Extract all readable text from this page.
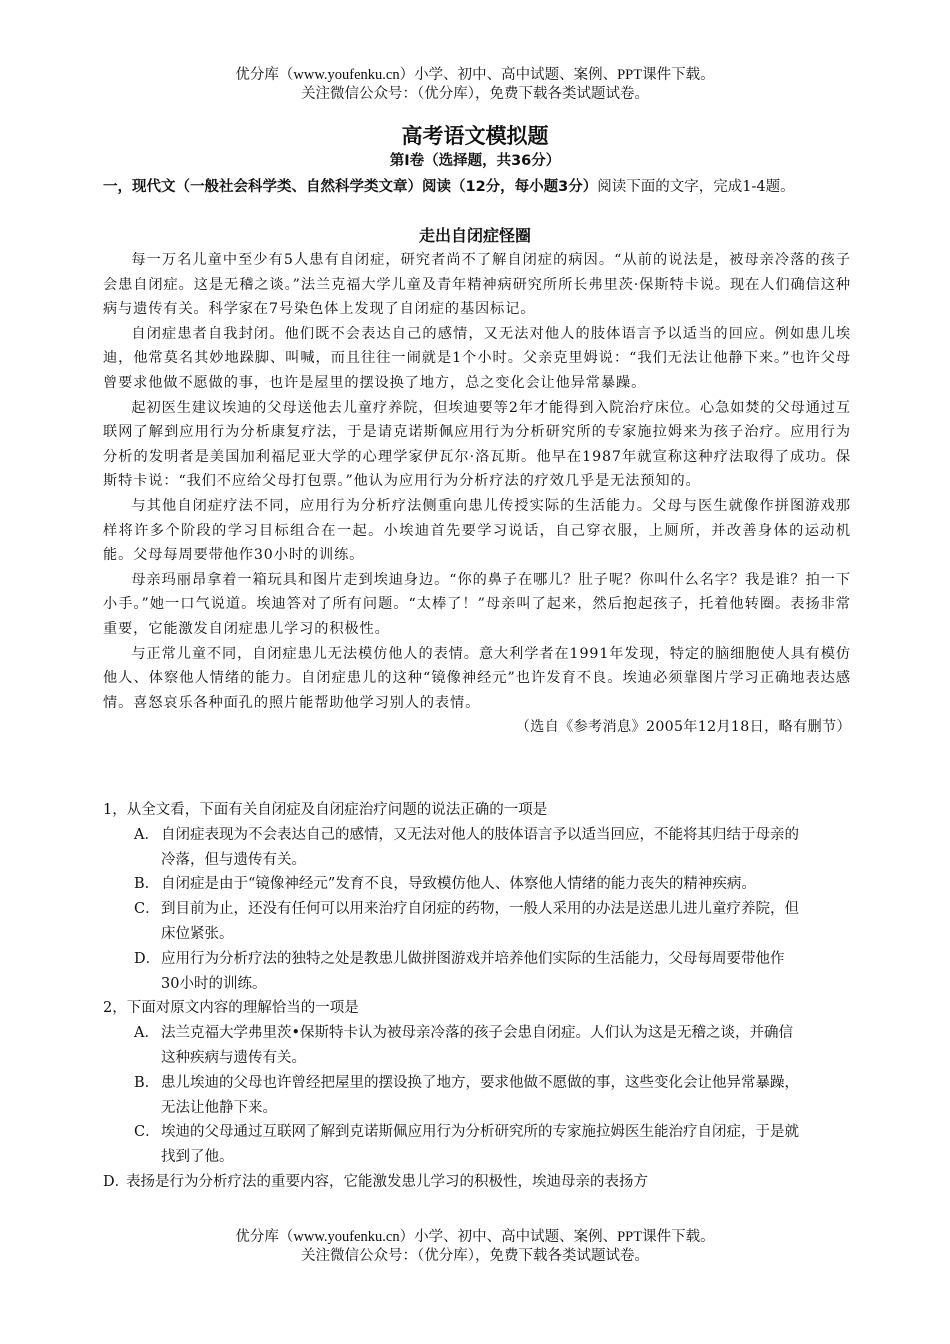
优分库（www.youfenku.cn）小学、初中、高中试题、案例、PPT课件下载。
关注微信公众号：（优分库），免费下载各类试题试卷。
高考语文模拟题
第Ⅰ卷（选择题，共36分）
一，现代文（一般社会科学类、自然科学类文章）阅读（12分，每小题3分）阅读下面的文字，完成1-4题。
走出自闭症怪圈

每一万名儿童中至少有5人患有自闭症，研究者尚不了解自闭症的病因。“从前的说法是，被母亲冷落的孩子会患自闭症。这是无稽之谈。”法兰克福大学儿童及青年精神病研究所所长弗里茨·保斯特卡说。现在人们确信这种病与遗传有关。科学家在7号染色体上发现了自闭症的基因标记。

自闭症患者自我封闭。他们既不会表达自己的感情，又无法对他人的肢体语言予以适当的回应。例如患儿埃迪，他常莫名其妙地跺脚、叫喊，而且往往一闹就是1个小时。父亲克里姆说：“我们无法让他静下来。”也许父母曾要求他做不愿做的事，也许是屋里的摆设换了地方，总之变化会让他异常暴躁。

起初医生建议埃迪的父母送他去儿童疗养院，但埃迪要等2年才能得到入院治疗床位。心急如焚的父母通过互联网了解到应用行为分析康复疗法，于是请克诺斯佩应用行为分析研究所的专家施拉姆来为孩子治疗。应用行为分析的发明者是美国加利福尼亚大学的心理学家伊瓦尔·洛瓦斯。他早在1987年就宣称这种疗法取得了成功。保斯特卡说：“我们不应给父母打包票。”他认为应用行为分析疗法的疗效几乎是无法预知的。

与其他自闭症疗法不同，应用行为分析疗法侧重向患儿传授实际的生活能力。父母与医生就像作拼图游戏那样将许多个阶段的学习目标组合在一起。小埃迪首先要学习说话，自己穿衣服，上厕所，并改善身体的运动机能。父母每周要带他作30小时的训练。

母亲玛丽昂拿着一箱玩具和图片走到埃迪身边。“你的鼻子在哪儿？肚子呢？你叫什么名字？我是谁？拍一下小手。”她一口气说道。埃迪答对了所有问题。“太棒了！”母亲叫了起来，然后抱起孩子，托着他转圈。表扬非常重要，它能激发自闭症患儿学习的积极性。

与正常儿童不同，自闭症患儿无法模仿他人的表情。意大利学者在1991年发现，特定的脑细胞使人具有模仿他人、体察他人情绪的能力。自闭症患儿的这种“镜像神经元”也许发育不良。埃迪必须靠图片学习正确地表达感情。喜怒哀乐各种面孔的照片能帮助他学习别人的表情。

（选自《参考消息》2005年12月18日，略有删节）

1，从全文看，下面有关自闭症及自闭症治疗问题的说法正确的一项是

A． 自闭症表现为不会表达自己的感情，又无法对他人的肢体语言予以适当回应，不能将其归结于母亲的冷落，但与遗传有关。

B． 自闭症是由于“镜像神经元”发育不良，导致模仿他人、体察他人情绪的能力丧失的精神疾病。

C．到目前为止，还没有任何可以用来治疗自闭症的药物，一般人采用的办法是送患儿进儿童疗养院，但床位紧张。

D．应用行为分析疗法的独特之处是教患儿做拼图游戏并培养他们实际的生活能力，父母每周要带他作30小时的训练。

2，下面对原文内容的理解恰当的一项是

A． 法兰克福大学弗里茨•保斯特卡认为被母亲冷落的孩子会患自闭症。人们认为这是无稽之谈，并确信这种疾病与遗传有关。

B． 患儿埃迪的父母也许曾经把屋里的摆设换了地方，要求他做不愿做的事，这些变化会让他异常暴躁，无法让他静下来。

C．埃迪的父母通过互联网了解到克诺斯佩应用行为分析研究所的专家施拉姆医生能治疗自闭症，于是就找到了他。

D．表扬是行为分析疗法的重要内容，它能激发患儿学习的积极性，埃迪母亲的表扬方

优分库（www.youfenku.cn）小学、初中、高中试题、案例、PPT课件下载。
关注微信公众号：（优分库），免费下载各类试题试卷。
